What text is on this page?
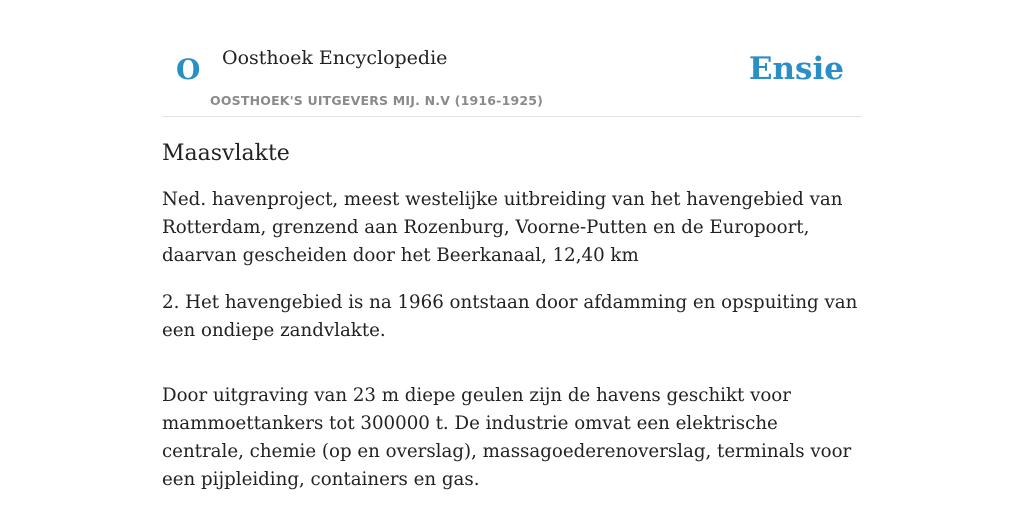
O Oosthoek Encyclopedie
OOSTHOEK'S UITGEVERS MIJ. N.V (1916-1925)
Ensie
Maasvlakte

Ned. havenproject, meest westelijke uitbreiding van het havengebied van Rotterdam, grenzend aan Rozenburg, Voorne-Putten en de Europoort, daarvan gescheiden door het Beerkanaal, 12,40 km

2. Het havengebied is na 1966 ontstaan door afdamming en opspuiting van een ondiepe zandvlakte.

Door uitgraving van 23 m diepe geulen zijn de havens geschikt voor mammoettankers tot 300000 t. De industrie omvat een elektrische centrale, chemie (op en overslag), massagoederenoverslag, terminals voor een pijpleiding, containers en gas.
